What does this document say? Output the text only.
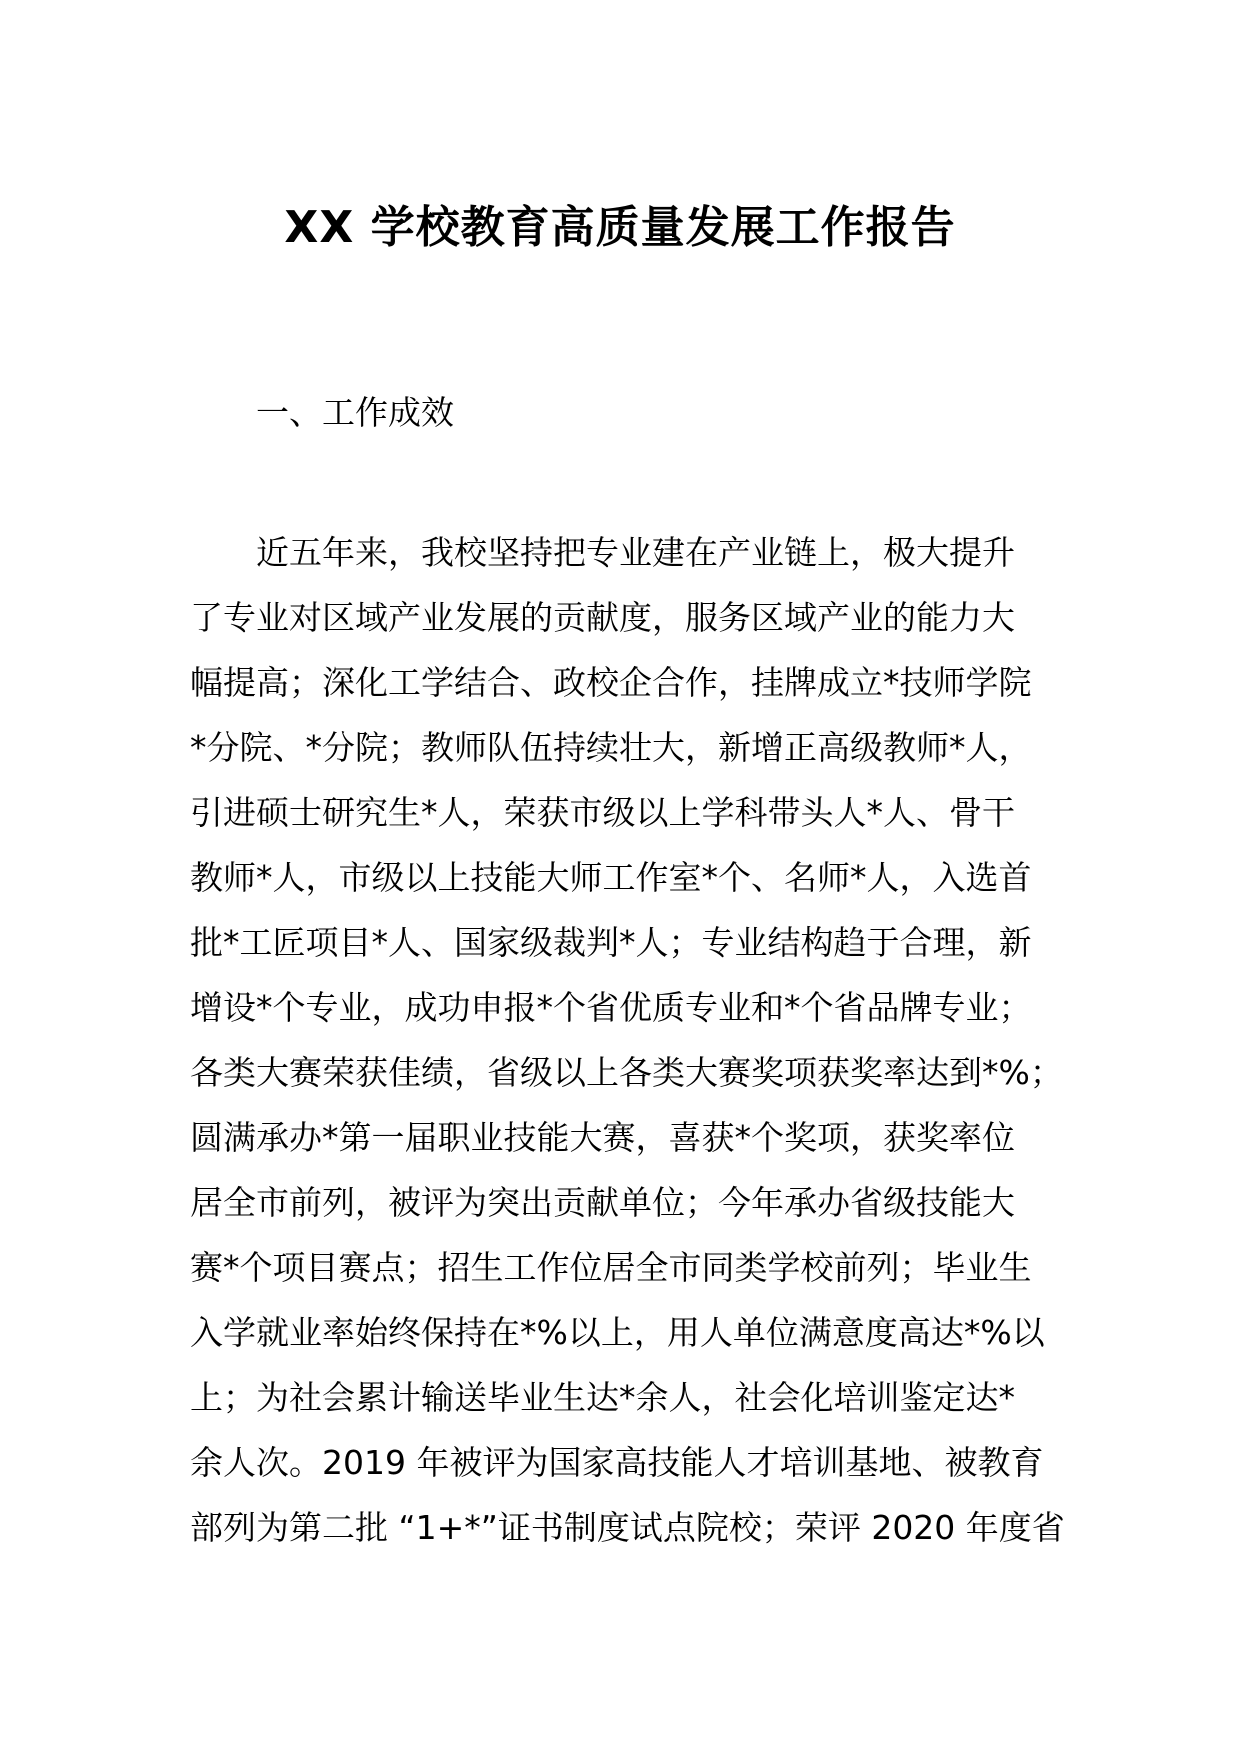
XX 学校教育高质量发展工作报告
一、工作成效
近五年来，我校坚持把专业建在产业链上，极大提升
了专业对区域产业发展的贡献度，服务区域产业的能力大
幅提高；深化工学结合、政校企合作，挂牌成立*技师学院
*分院、*分院；教师队伍持续壮大，新增正高级教师*人，
引进硕士研究生*人，荣获市级以上学科带头人*人、骨干
教师*人，市级以上技能大师工作室*个、名师*人，入选首
批*工匠项目*人、国家级裁判*人；专业结构趋于合理，新
增设*个专业，成功申报*个省优质专业和*个省品牌专业；
各类大赛荣获佳绩，省级以上各类大赛奖项获奖率达到*%；
圆满承办*第一届职业技能大赛，喜获*个奖项，获奖率位
居全市前列，被评为突出贡献单位；今年承办省级技能大
赛*个项目赛点；招生工作位居全市同类学校前列；毕业生
入学就业率始终保持在*%以上，用人单位满意度高达*%以
上；为社会累计输送毕业生达*余人，社会化培训鉴定达*
余人次。2019 年被评为国家高技能人才培训基地、被教育
部列为第二批 “1+*”证书制度试点院校；荣评 2020 年度省
